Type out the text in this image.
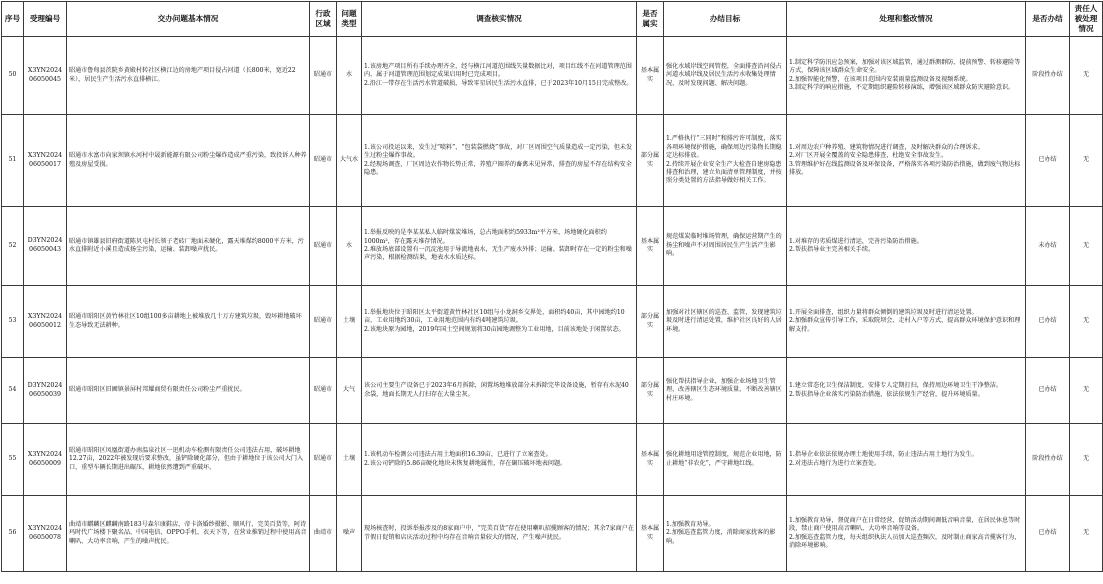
序号	受理编号	交办问题基本情况	行政区域	问题类型	调查核实情况	是否属实	办结目标	处理和整改情况	是否办结	责任人被处理情况
50	X3YN202406050045	昭通市鲁甸县茨院乡黄殿村转社区横江边的房地产项目侵占河道（长800米，宽近22米），居民生产生活污水直排横江。	昭通市	水	1.该房地产项目所有手续办理齐全，经与横江河道范围线矢量数据比对，项目红线不在河道管理范围内，属于河道管理范围划定成果启用时已完成项目。
2.沿江一带存在生活污水管道破损，导致零星居民生活污水直排，已于2023年10月15日完成整改。	基本属实	强化水域岸线空间管控，全面排查沿河侵占河道水域岸线及居民生活污水收集处理情况，及时发现问题、解决问题。	1.制定科学防汛应急预案，加强对该区域监管，通过群测群防、提前预警、转移避险等方式，保障该区域群众生命安全。
2.加强智能化预警，在该项目范围内安装雨量监测设备及视频系统。
3.制定科学的响应措施，不定期组织避险转移演练，增强该区域群众防灾避险意识。	阶段性办结	无
51	X3YN202406050017	昭通市水富市向家坝镇水河村中晟新能源有限公司粉尘爆炸造成严重污染，致投诉人种养殖及房屋受损。	昭通市	大气水	1.该公司投运以来，发生过“喷料”、“包装袋燃烧”事故，对厂区周围空气质量造成一定污染，但未发生过粉尘爆炸事故。
2.经现场调查，厂区周边农作物长势正常，养殖户圈养的畜禽未见异常，排查的房屋不存在结构安全隐患。	部分属实	1.严格执行“三同时”和排污许可制度，落实各项环境保护措施，确保周边污染物长期稳定达标排放。
2.持续开展企业安全生产大检查自建房隐患排查和治理，建立负面清单管理制度，并按照分类处置的方法指导做好相关工作。	1.对周边农户种养殖、建筑物情况进行调查，及时解决群众的合理诉求。
2.对厂区开展全覆盖的安全隐患排查，杜绝安全事故发生。
3.管理维护好在线监测设备及环保设备，严格落实各项污染防治措施，做到废气物达标排放。	已办结	无
52	D3YN202406050043	昭通市镇雄县旧府街道陈贝屯村长领子老砖厂地面未硬化，露天堆煤约8000平方米，污水直排附近小溪且造成扬尘污染，运输、装卸噪声扰民。	昭通市	水	1.举报反映的是李某某私人临时煤炭堆场，总占地面积约5933m²平方米，场地硬化面积约1000m²，存在露天堆存情况。
2.堆放场底部设置有一沉淀池用于导流地表水，无生产废水外排；运输、装卸时存在一定的粉尘和噪声污染，根据检测结果，地表水水质达标。	基本属实	规范煤炭临时堆场管理，确保运营期产生的扬尘和噪声不对周围居民生产生活产生影响。	1.对堆存的劣质煤进行清运，完善污染防治措施。
2.帮扶指导业主完善相关手续。	未办结	无
53	X3YN202406050012	昭通市昭阳区黄竹林社区10组100多亩耕地上被堆放几十万方建筑垃圾，毁坏耕地破坏生态导致无法耕种。	昭通市	土壤	1.举报地块位于昭阳区太平街道黄竹林社区10组与小龙洞乡交界处，面积约40亩，其中园地约10亩，工业用地约30亩，工业用地范围内有约4吨建筑垃圾。
2.该地块原为园地，2019年国土空间规划将30亩园地调整为工业用地，目前该地处于闲置状态。	部分属实	加强对社区辖区的巡查、监管，发现建筑垃圾及时进行清运处置，维护社区良好的人居环境。	1.开展全面排查，组织力量将群众倾倒的建筑垃圾及时进行清运处置。
2.加强群众宣传引导工作，采取院坝会、走村入户等方式，提高群众环境保护意识和理解支持。	已办结	无
54	D3YN202406050039	昭通市昭阳区旧圃镇景屏村邦耀商贸有限责任公司粉尘严重扰民。	昭通市	大气	该公司主要生产设备已于2023年6月拆除，闲置场地堆放部分未拆除完毕设备设施，暂存有水泥40余袋，地面长期无人打扫存在大量尘灰。	部分属实	强化帮扶指导企业，加强企业场地卫生管理，改善辖区生态环境质量，不断改善辖区村庄环境。	1.建立常态化卫生保洁制度，安排专人定期打扫，保持周边环境卫生干净整洁。
2.帮扶指导企业落实污染防治措施，依法依规生产经营，提升环境质量。	已办结	无
55	X3YN202406050009	昭通市昭阳区凤凰街道办南温泉社区一迅机动车检测有限责任公司违法占用、破坏耕地12.27亩，2022年被发现后要求整改，虽铲除硬化部分，但由于耕地位于该公司大门入口，重型车辆长期进出碾压，耕地依然遭到严重破坏。	昭通市	土壤	1.该机动车检测公司违法占用土地面积16.39亩，已进行了立案查处。
2.该公司铲除的5.86亩硬化地块未恢复耕地属性，存在碾压破坏地表问题。	基本属实	强化耕地用途管控制度，规范企业用地，防止耕地“非农化”，严守耕地红线。	1.指导企业依法依规办理土地使用手续，防止违法占用土地行为发生。
2.对违法占地行为进行立案查处。	阶段性办结	无
56	X3YN202406050078	曲靖市麒麟区麒麟南路183号森尔康鞋店、帝卡洛婚纱摄影、顺风行、完美百货等，阿诗玛时代广场楼下聚名品、中国电信、OPPO手机、衣天下等，在营业推销过程中使用高音喇叭、大功率音响，产生的噪声扰民。	曲靖市	噪声	现场核查时，投诉举报涉及的8家商户中，“完美百货”存在使用喇叭招揽顾客的情况；其余7家商户在节假日促销和店庆活动过程中均存在音响音量较大的情况，产生噪声扰民。	基本属实	1.加强教育劝导。
2.加强巡查监管力度，消除商家扰客的影响。	1.加强教育劝导，督促商户在日常经营、促销活动期间调低音响音量，在居民休息等时段，禁止商户使用高音喇叭、大功率音响等设备。
2.加强巡查监管力度，每天组织执法人员加大巡查频次，及时制止商家高音揽客行为，消除环境影响。	已办结	无
